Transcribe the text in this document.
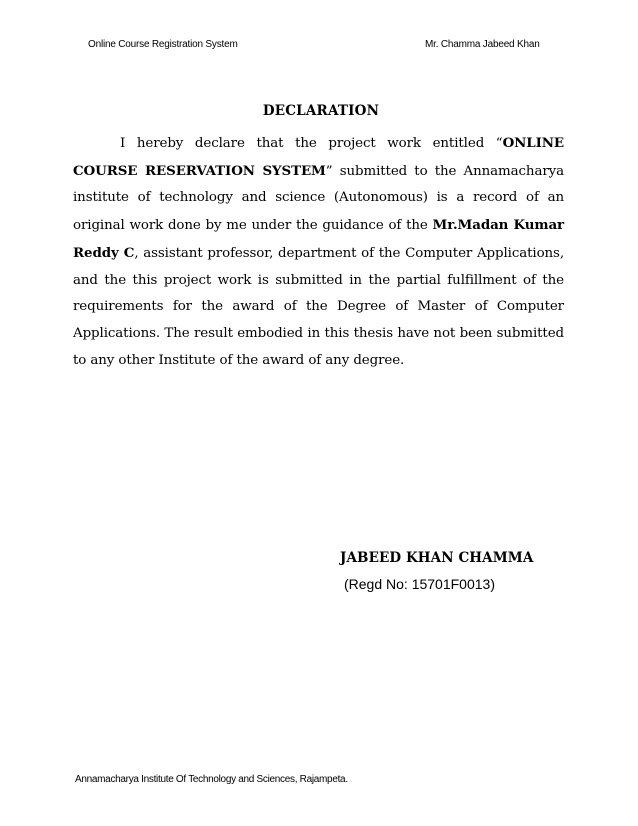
Online Course Registration System	Mr. Chamma Jabeed Khan
DECLARATION
I hereby declare that the project work entitled “ONLINE COURSE RESERVATION SYSTEM” submitted to the Annamacharya institute of technology and science (Autonomous) is a record of an original work done by me under the guidance of the Mr.Madan Kumar Reddy C, assistant professor, department of the Computer Applications, and the this project work is submitted in the partial fulfillment of the requirements for the award of the Degree of Master of Computer Applications. The result embodied in this thesis have not been submitted to any other Institute of the award of any degree.
JABEED KHAN CHAMMA
(Regd No: 15701F0013)
Annamacharya Institute Of Technology and Sciences, Rajampeta.
